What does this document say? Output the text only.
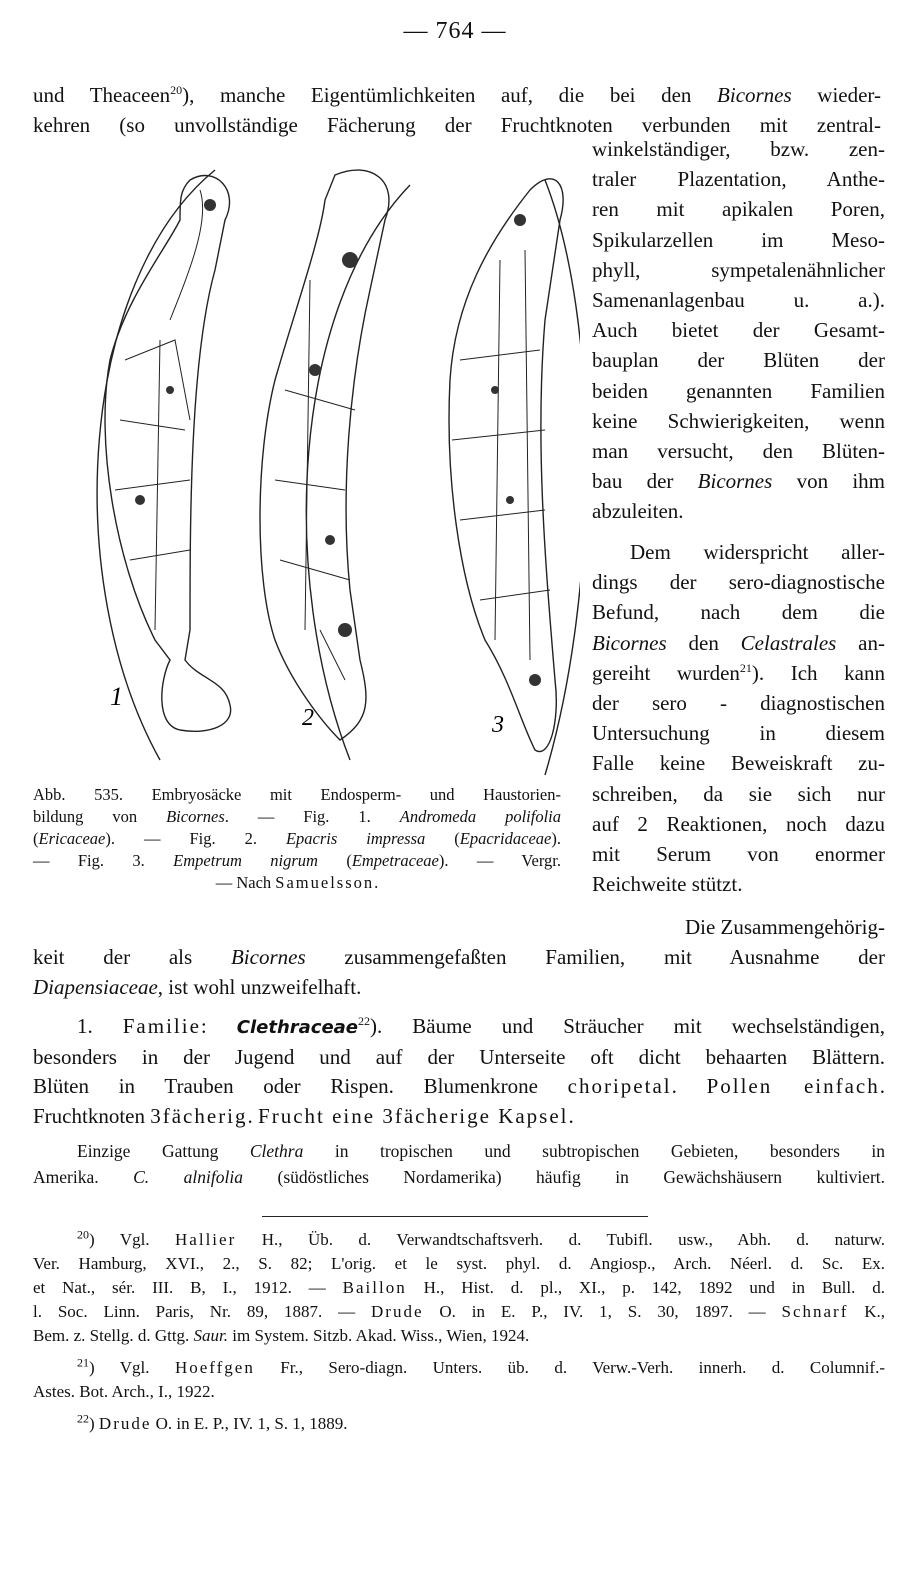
— 764 —
und Theaceen$^{20}$), manche Eigentümlichkeiten auf, die bei den Bicornes wieder-
kehren (so unvollständige Fächerung der Fruchtknoten verbunden mit zentral-
winkelständiger, bzw. zen-
traler Plazentation, Anthe-
ren mit apikalen Poren,
Spikularzellen im Meso-
phyll, sympetalenähnlicher
Samenanlagenbau u. a.).
Auch bietet der Gesamt-
bauplan der Blüten der
beiden genannten Familien
keine Schwierigkeiten, wenn
man versucht, den Blüten-
bau der Bicornes von ihm
abzuleiten.
Dem widerspricht aller-
dings der sero-diagnostische
Befund, nach dem die
Bicornes den Celastrales an-
gereiht wurden$^{21}$). Ich kann
der sero - diagnostischen
Untersuchung in diesem
Falle keine Beweiskraft zu-
schreiben, da sie sich nur
auf 2 Reaktionen, noch dazu
mit Serum von enormer
Reichweite stützt.
1
2	3
Abb. 535. Embryosäcke mit Endosperm- und Haustorien-
bildung von Bicornes. — Fig. 1. Andromeda polifolia
(Ericaceae). — Fig. 2. Epacris impressa (Epacridaceae).
— Fig. 3. Empetrum nigrum (Empetraceae). — Vergr.
— Nach Samuelsson.
Die Zusammengehörig-
keit der als Bicornes zusammengefaßten Familien, mit Ausnahme der
Diapensiaceae, ist wohl unzweifelhaft.
1. Familie: Clethraceae$^{22}$). Bäume und Sträucher mit wechselständigen,
besonders in der Jugend und auf der Unterseite oft dicht behaarten Blättern.
Blüten in Trauben oder Rispen. Blumenkrone choripetal. Pollen einfach.
Fruchtknoten 3fächerig. Frucht eine 3fächerige Kapsel.
Einzige Gattung Clethra in tropischen und subtropischen Gebieten, besonders in
Amerika. C. alnifolia (südöstliches Nordamerika) häufig in Gewächshäusern kultiviert.
$^{20}$) Vgl. Hallier H., Üb. d. Verwandtschaftsverh. d. Tubifl. usw., Abh. d. naturw.
Ver. Hamburg, XVI., 2., S. 82; L'orig. et le syst. phyl. d. Angiosp., Arch. Néerl. d. Sc. Ex.
et Nat., sér. III. B, I., 1912. — Baillon H., Hist. d. pl., XI., p. 142, 1892 und in Bull. d.
l. Soc. Linn. Paris, Nr. 89, 1887. — Drude O. in E. P., IV. 1, S. 30, 1897. — Schnarf K.,
Bem. z. Stellg. d. Gttg. Saur. im System. Sitzb. Akad. Wiss., Wien, 1924.
$^{21}$) Vgl. Hoeffgen Fr., Sero-diagn. Unters. üb. d. Verw.-Verh. innerh. d. Columnif.-
Astes. Bot. Arch., I., 1922.
$^{22}$) Drude O. in E. P., IV. 1, S. 1, 1889.
